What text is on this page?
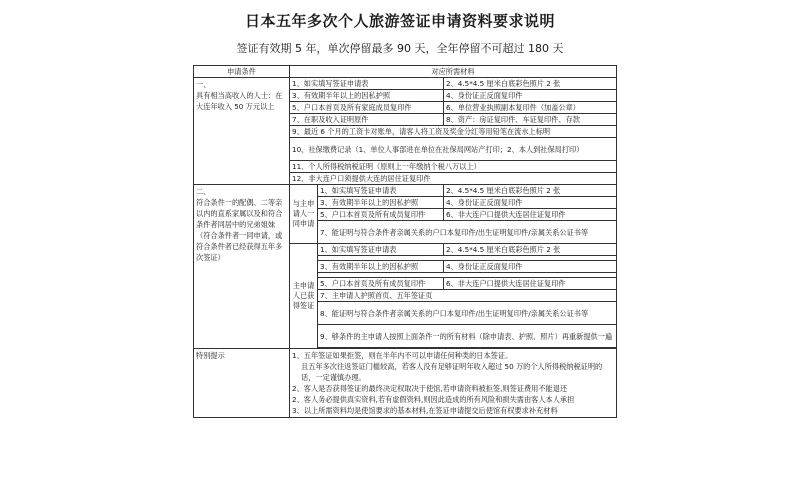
日本五年多次个人旅游签证申请资料要求说明
签证有效期 5 年，单次停留最多 90 天，全年停留不可超过 180 天
申请条件	对应所需材料		

一、
具有相当高收入的人士：在大连年收入 50 万元以上	1、如实填写签证申请表		2、4.5*4.5 厘米白底彩色照片 2 张
	3、有效期半年以上的因私护照		4、身份证正反面复印件
	5、户口本首页及所有家庭成员复印件		6、单位营业执照副本复印件（加盖公章）
	7、在职及收入证明原件		8、资产：房证复印件、车证复印件、存款
	9、最近 6 个月的工资卡对账单，请客人将工资及奖金分红等用铅笔在流水上标明		
	10、社保缴费记录（1、单位人事部进在单位在社保局网站产打印；2、本人到社保局打印）		
	11、个人所得税纳税证明（原则上一年缴纳个税八万以上）		
	12、非大连户口须提供大连的居住证复印件		

二、
符合条件一的配偶、二等亲以内的直系家属以及和符合条件者同居中的兄弟姐妹（符合条件者一同申请，或符合条件者已经获得五年多次签证）	与主申请人一同申请	1、如实填写签证申请表	2、4.5*4.5 厘米白底彩色照片 2 张
		3、有效期半年以上的因私护照	4、身份证正反面复印件
		5、户口本首页及所有成员复印件	6、非大连户口提供大连居住证复印件
		7、能证明与符合条件者亲属关系的户口本复印件/出生证明复印件/亲属关系公证书等	
	主申请人已获得签证	1、如实填写签证申请表	2、4.5*4.5 厘米白底彩色照片 2 张

		3、有效期半年以上的因私护照	4、身份证正反面复印件

		5、户口本首页及所有成员复印件	6、非大连户口提供大连居住证复印件
		7、主申请人护照首页、五年签证页	
		8、能证明与符合条件者亲属关系的户口本复印件/出生证明复印件/亲属关系公证书等	
		9、够条件的主申请人按照上面条件一的所有材料（除申请表、护照、照片）再重新提供一遍	

特别提示	1、五年签证如果拒签，则在半年内不可以申请任何种类的日本签证。

且五年多次往返签证门槛较高，若客人没有足够证明年收入超过 50 万的个人所得税纳税证明的话，一定谨慎办理。

2、客人是否获得签证的最终决定权取决于使馆,若申请资料被拒签,则签证费用不能退还

2、客人务必提供真实资料,若有虚假资料,则因此造成的所有风险和损失需由客人本人承担

3、以上所需资料均是使馆要求的基本材料,在签证申请提交后使馆有权要求补充材料		
